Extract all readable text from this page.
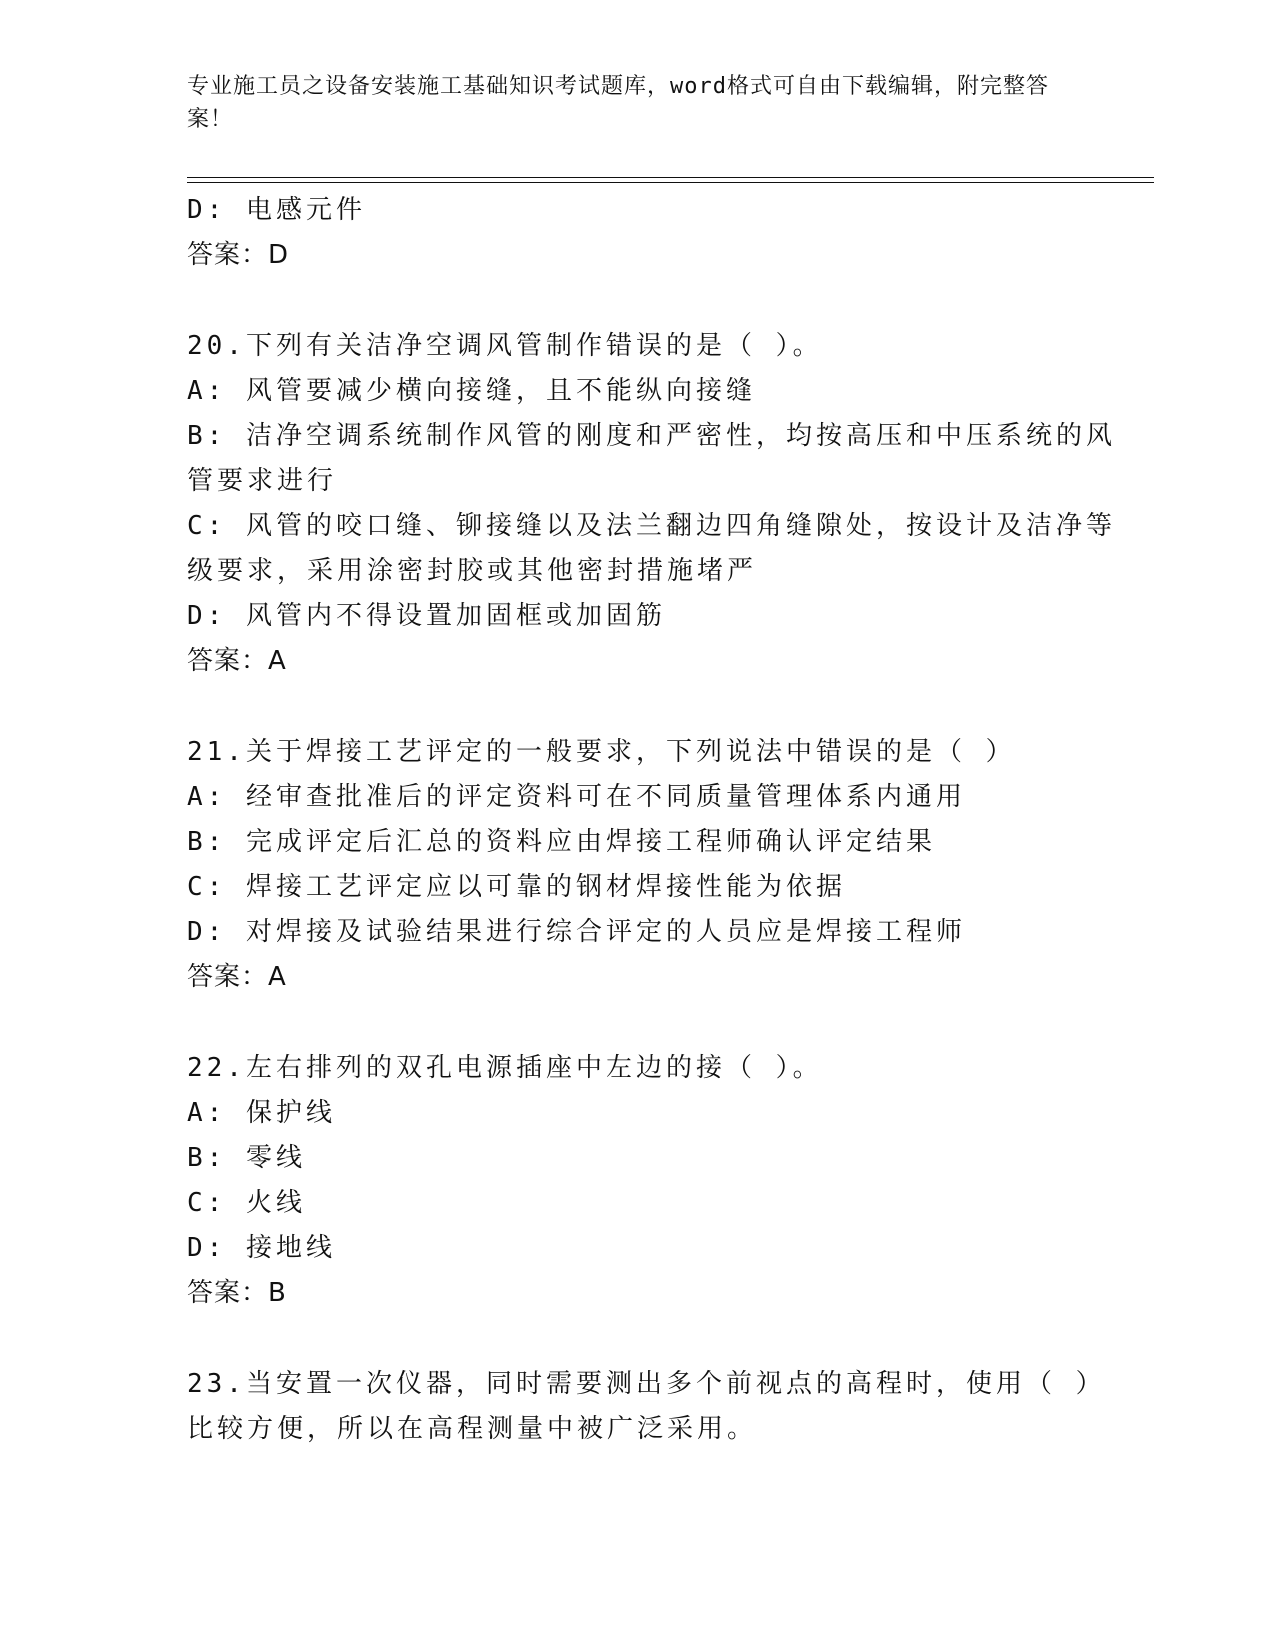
专业施工员之设备安装施工基础知识考试题库，word格式可自由下载编辑，附完整答案！
D: 电感元件
答案：D
20.下列有关洁净空调风管制作错误的是（ ）。
A: 风管要减少横向接缝，且不能纵向接缝
B: 洁净空调系统制作风管的刚度和严密性，均按高压和中压系统的风
管要求进行
C: 风管的咬口缝、铆接缝以及法兰翻边四角缝隙处，按设计及洁净等
级要求，采用涂密封胶或其他密封措施堵严
D: 风管内不得设置加固框或加固筋
答案：A
21.关于焊接工艺评定的一般要求，下列说法中错误的是（ ）
A: 经审查批准后的评定资料可在不同质量管理体系内通用
B: 完成评定后汇总的资料应由焊接工程师确认评定结果
C: 焊接工艺评定应以可靠的钢材焊接性能为依据
D: 对焊接及试验结果进行综合评定的人员应是焊接工程师
答案：A
22.左右排列的双孔电源插座中左边的接（ ）。
A: 保护线
B: 零线
C: 火线
D: 接地线
答案：B
23.当安置一次仪器，同时需要测出多个前视点的高程时，使用（ ）
比较方便，所以在高程测量中被广泛采用。
